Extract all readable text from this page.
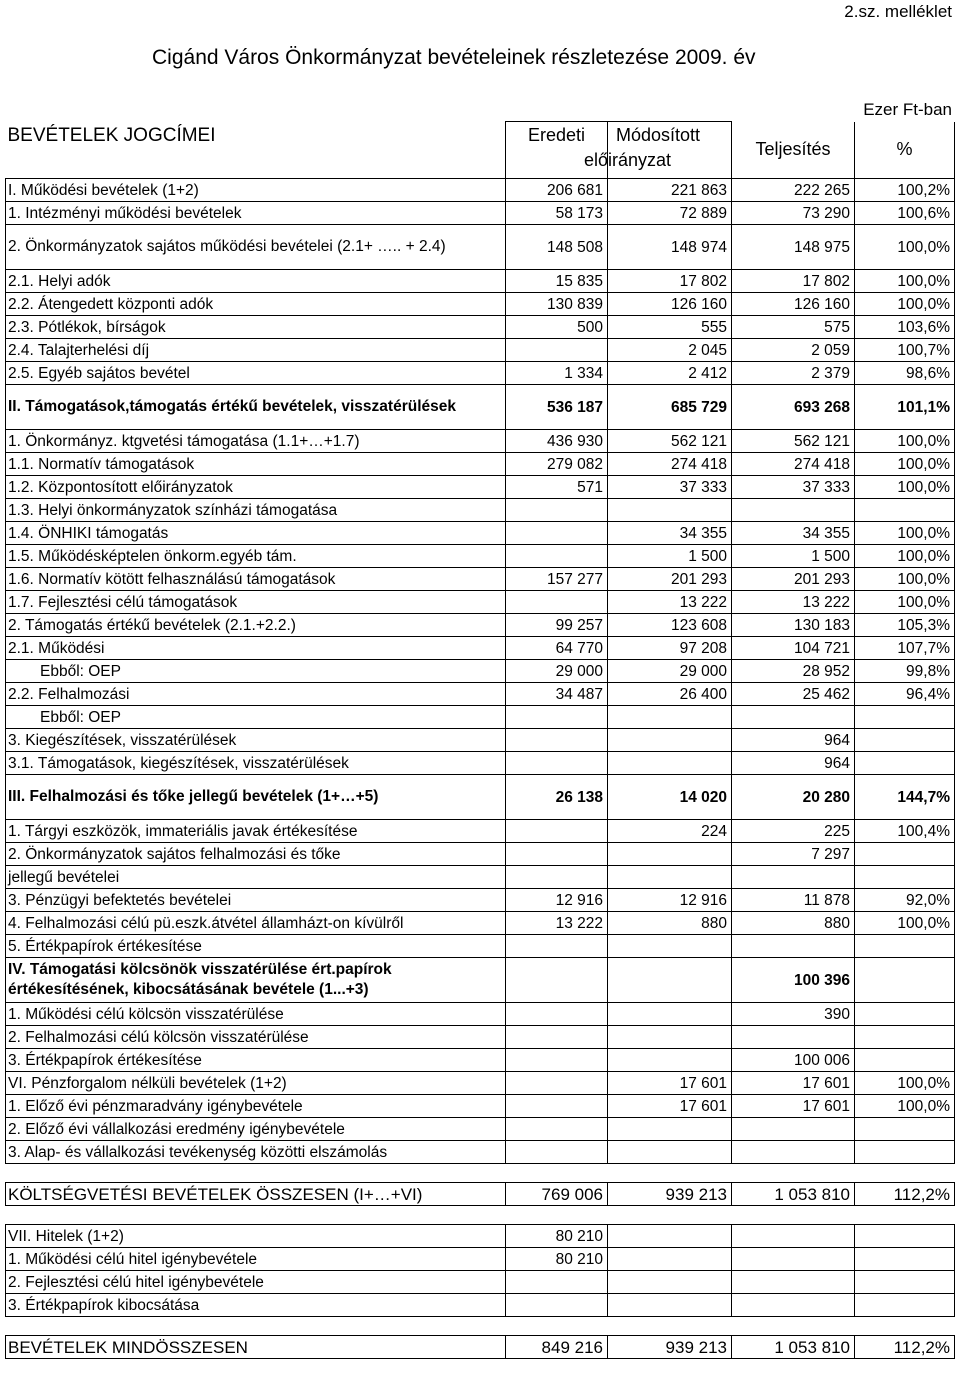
2.sz. melléklet
Cigánd Város Önkormányzat bevételeinek részletezése 2009. év
Ezer Ft-ban
BEVÉTELEK JOGCÍMEI	Eredeti	Módosított	Teljesítés	%
I. Működési bevételek (1+2)	206 681	221 863	222 265	100,2%
1. Intézményi működési bevételek	58 173	72 889	73 290	100,6%
2. Önkormányzatok sajátos működési bevételei (2.1+ ….. + 2.4)	148 508	148 974	148 975	100,0%
2.1. Helyi adók	15 835	17 802	17 802	100,0%
2.2. Átengedett központi adók	130 839	126 160	126 160	100,0%
2.3. Pótlékok, bírságok	500	555	575	103,6%
2.4. Talajterhelési díj		2 045	2 059	100,7%
2.5. Egyéb sajátos bevétel	1 334	2 412	2 379	98,6%
II. Támogatások,támogatás értékű bevételek, visszatérülések	536 187	685 729	693 268	101,1%
1. Önkormányz. ktgvetési támogatása (1.1+…+1.7)	436 930	562 121	562 121	100,0%
1.1. Normatív támogatások	279 082	274 418	274 418	100,0%
1.2. Központosított előirányzatok	571	37 333	37 333	100,0%
1.3. Helyi önkormányzatok színházi támogatása				
1.4. ÖNHIKI támogatás		34 355	34 355	100,0%
1.5. Működésképtelen önkorm.egyéb tám.		1 500	1 500	100,0%
1.6. Normatív kötött felhasználású támogatások	157 277	201 293	201 293	100,0%
1.7. Fejlesztési célú támogatások		13 222	13 222	100,0%
2. Támogatás értékű bevételek (2.1.+2.2.)	99 257	123 608	130 183	105,3%
2.1. Működési	64 770	97 208	104 721	107,7%
Ebből: OEP	29 000	29 000	28 952	99,8%
2.2. Felhalmozási	34 487	26 400	25 462	96,4%
Ebből: OEP				
3. Kiegészítések, visszatérülések			964	
3.1. Támogatások, kiegészítések, visszatérülések			964	
III. Felhalmozási és tőke jellegű bevételek (1+…+5)	26 138	14 020	20 280	144,7%
1. Tárgyi eszközök, immateriális javak értékesítése		224	225	100,4%
2. Önkormányzatok sajátos felhalmozási és tőke			7 297	
jellegű bevételei				
3. Pénzügyi befektetés bevételei	12 916	12 916	11 878	92,0%
4. Felhalmozási célú pü.eszk.átvétel államházt-on kívülről	13 222	880	880	100,0%
5. Értékpapírok értékesítése				
IV. Támogatási kölcsönök visszatérülése ért.papírok értékesítésének, kibocsátásának bevétele (1...+3)			100 396	
1. Működési célú kölcsön visszatérülése			390	
2. Felhalmozási célú kölcsön visszatérülése				
3. Értékpapírok értékesítése			100 006	
VI. Pénzforgalom nélküli bevételek (1+2)		17 601	17 601	100,0%
1. Előző évi pénzmaradvány igénybevétele		17 601	17 601	100,0%
2. Előző évi vállalkozási eredmény igénybevétele				
3. Alap- és vállalkozási tevékenység közötti elszámolás				

KÖLTSÉGVETÉSI BEVÉTELEK ÖSSZESEN (I+…+VI)	769 006	939 213	1 053 810	112,2%

VII. Hitelek (1+2)	80 210			
1. Működési célú hitel igénybevétele	80 210			
2. Fejlesztési célú hitel igénybevétele				
3. Értékpapírok kibocsátása				

BEVÉTELEK MINDÖSSZESEN	849 216	939 213	1 053 810	112,2%
előirányzat
